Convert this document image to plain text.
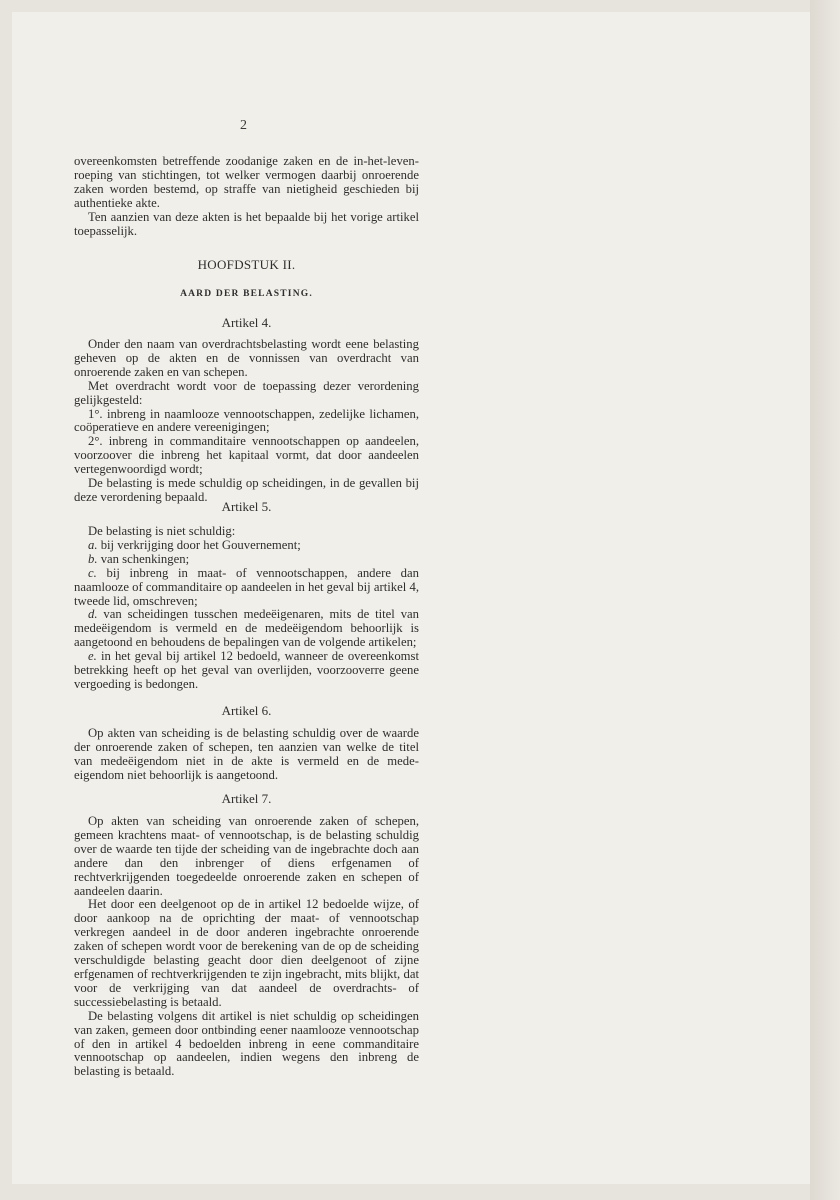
2

overeenkomsten betreffende zoodanige zaken en de in-het-leven-roeping van stichtingen, tot welker vermogen daarbij onroerende zaken worden bestemd, op straffe van nietigheid geschieden bij authentieke akte.

Ten aanzien van deze akten is het bepaalde bij het vorige artikel toepasselijk.

HOOFDSTUK II.
AARD DER BELASTING.
Artikel 4.

Onder den naam van overdrachtsbelasting wordt eene belasting geheven op de akten en de vonnissen van overdracht van onroerende zaken en van schepen.

Met overdracht wordt voor de toepassing dezer verordening gelijkgesteld:

1°. inbreng in naamlooze vennootschappen, zedelijke lichamen, coöperatieve en andere vereenigingen;

2°. inbreng in commanditaire vennootschappen op aandeelen, voorzoover die inbreng het kapitaal vormt, dat door aandeelen vertegenwoordigd wordt;

De belasting is mede schuldig op scheidingen, in de gevallen bij deze verordening bepaald.

Artikel 5.

De belasting is niet schuldig:

a. bij verkrijging door het Gouvernement;

b. van schenkingen;

c. bij inbreng in maat- of vennootschappen, andere dan naamlooze of commanditaire op aandeelen in het geval bij artikel 4, tweede lid, omschreven;

d. van scheidingen tusschen medeëigenaren, mits de titel van medeëigendom is vermeld en de medeëigendom behoorlijk is aangetoond en behoudens de bepalingen van de volgende artikelen;

e. in het geval bij artikel 12 bedoeld, wanneer de overeenkomst betrekking heeft op het geval van overlijden, voorzooverre geene vergoeding is bedongen.

Artikel 6.

Op akten van scheiding is de belasting schuldig over de waarde der onroerende zaken of schepen, ten aanzien van welke de titel van medeëigendom niet in de akte is vermeld en de mede-eigendom niet behoorlijk is aangetoond.

Artikel 7.

Op akten van scheiding van onroerende zaken of schepen, gemeen krachtens maat- of vennootschap, is de belasting schuldig over de waarde ten tijde der scheiding van de ingebrachte doch aan andere dan den inbrenger of diens erfgenamen of rechtverkrijgenden toegedeelde onroerende zaken en schepen of aandeelen daarin.

Het door een deelgenoot op de in artikel 12 bedoelde wijze, of door aankoop na de oprichting der maat- of vennootschap verkregen aandeel in de door anderen ingebrachte onroerende zaken of schepen wordt voor de berekening van de op de scheiding verschuldigde belasting geacht door dien deelgenoot of zijne erfgenamen of rechtverkrijgenden te zijn ingebracht, mits blijkt, dat voor de verkrijging van dat aandeel de overdrachts- of successiebelasting is betaald.

De belasting volgens dit artikel is niet schuldig op scheidingen van zaken, gemeen door ontbinding eener naamlooze vennootschap of den in artikel 4 bedoelden inbreng in eene commanditaire vennootschap op aandeelen, indien wegens den inbreng de belasting is betaald.
